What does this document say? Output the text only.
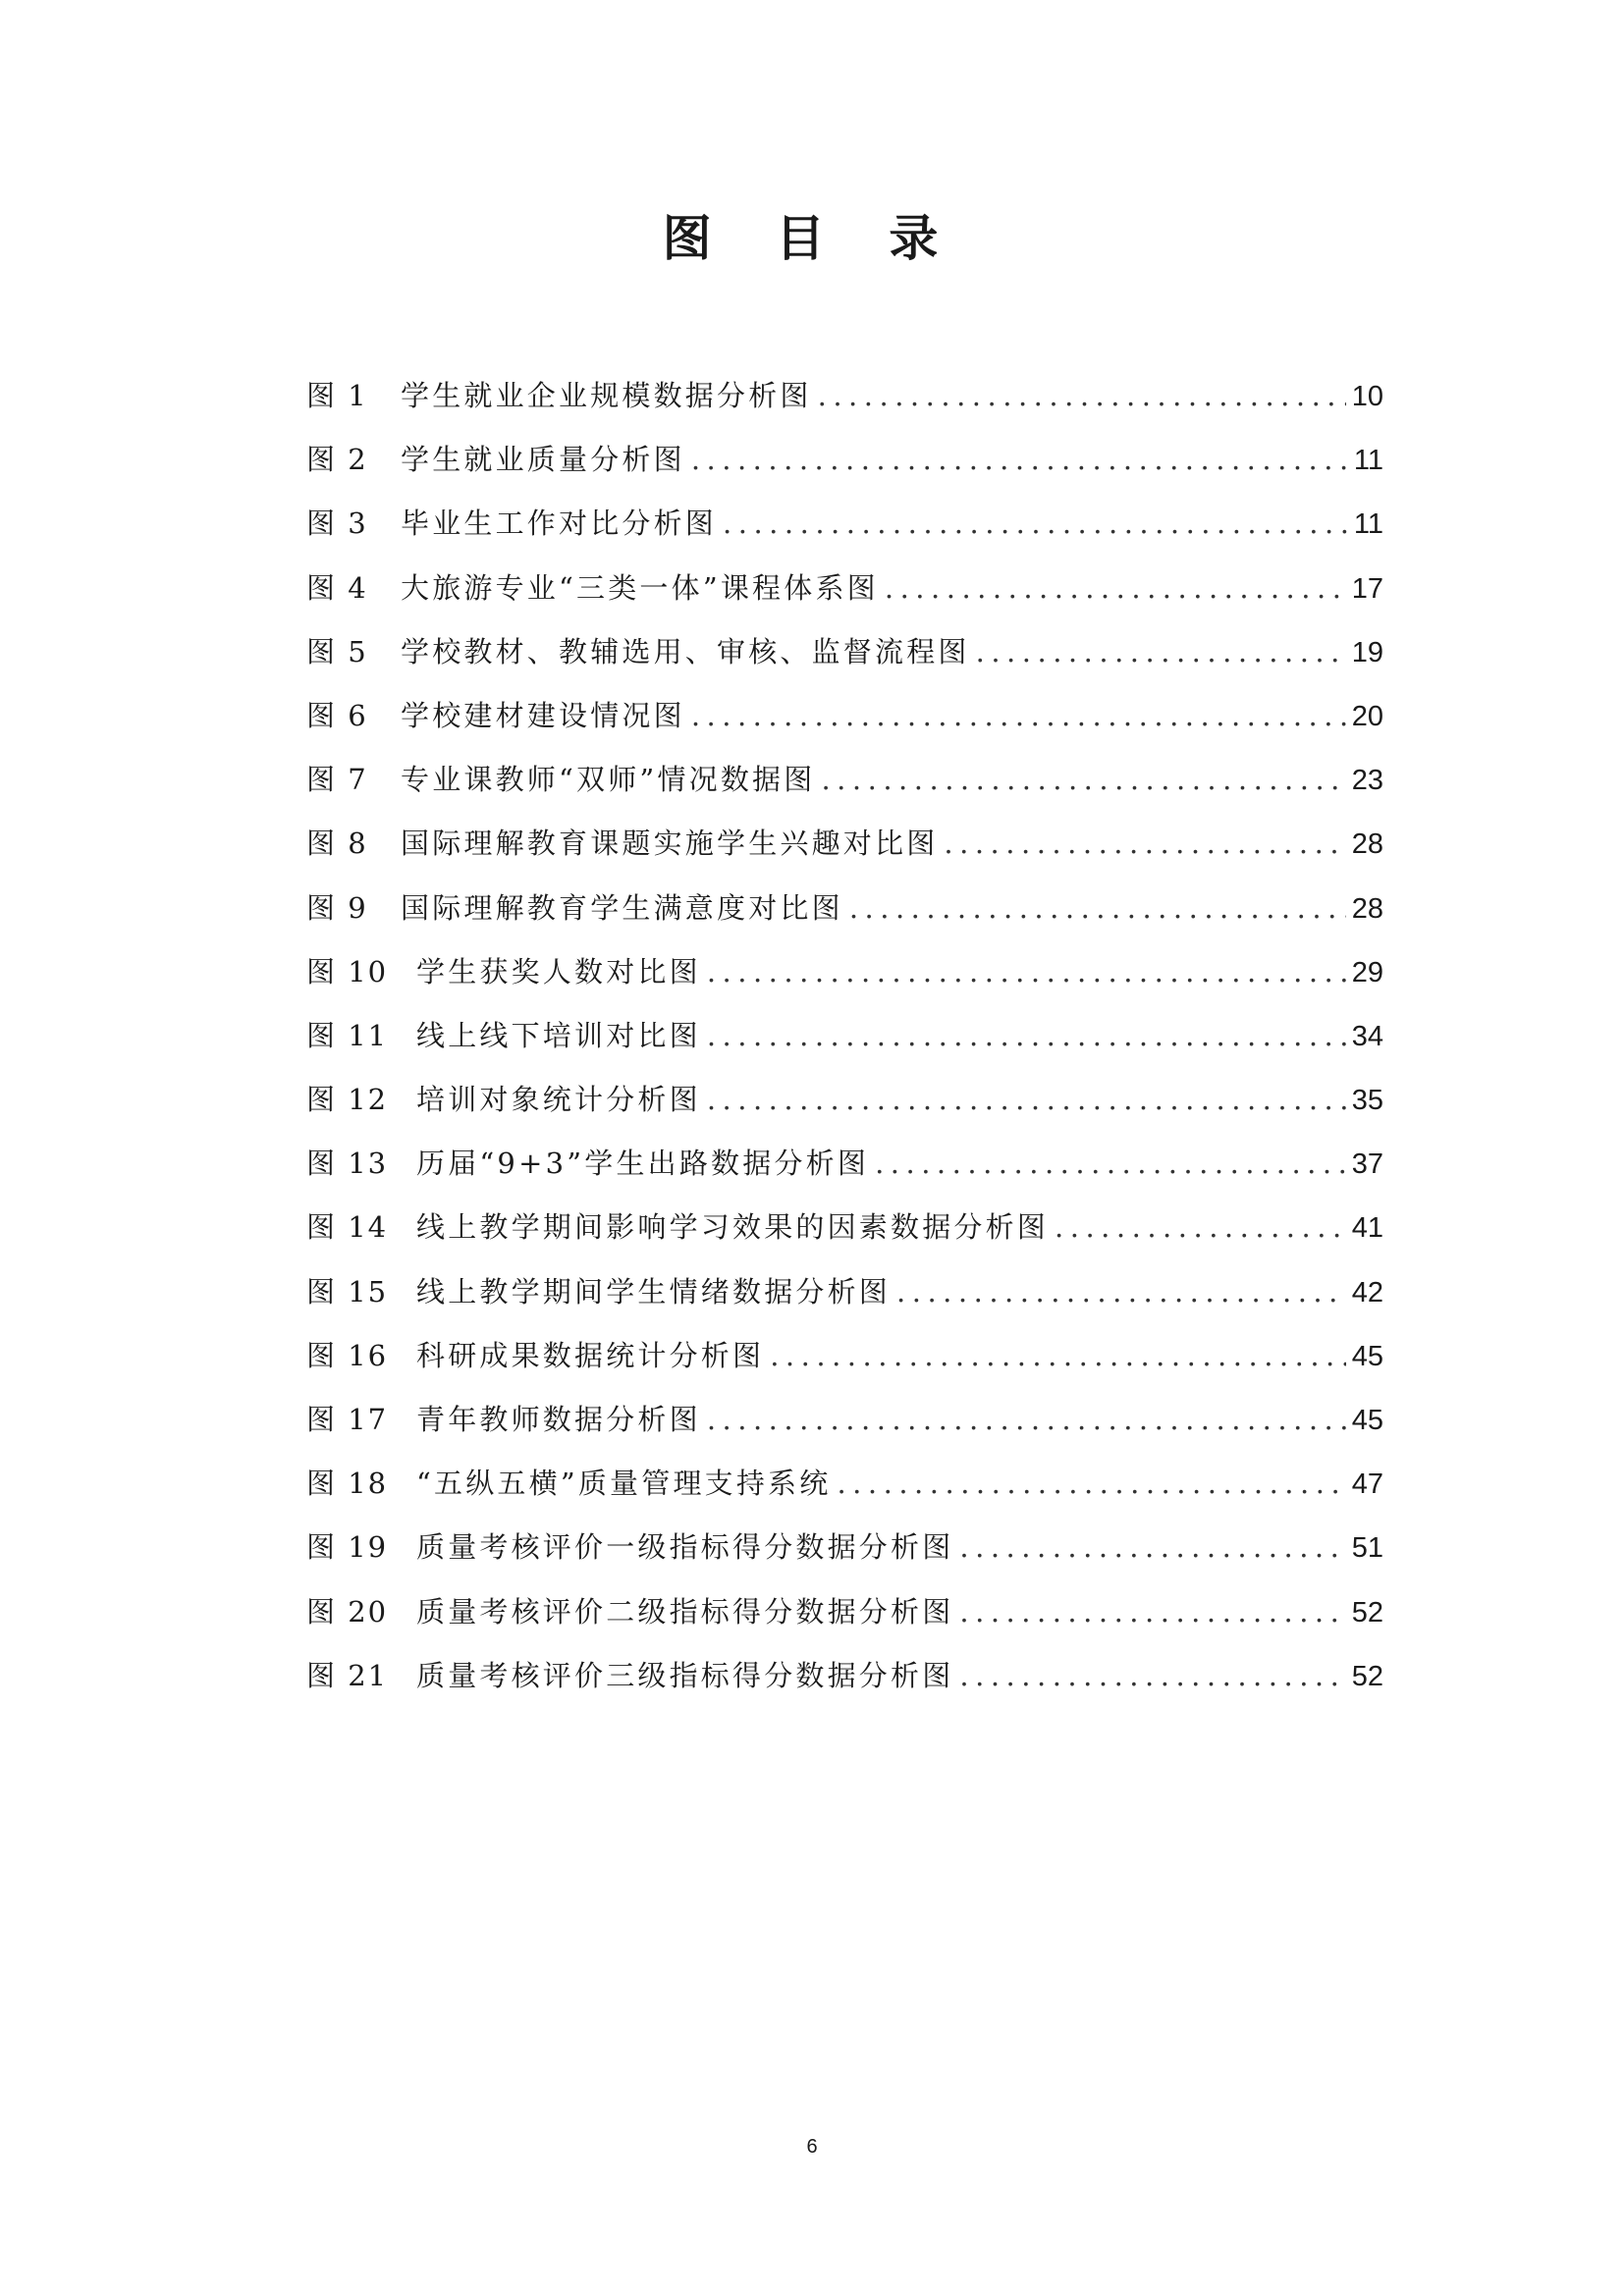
图 目 录
图 1	学生就业企业规模数据分析图 .....	10
图 2	学生就业质量分析图 .....	11
图 3	毕业生工作对比分析图 .....	11
图 4	大旅游专业“三类一体”课程体系图 .....	17
图 5	学校教材、教辅选用、审核、监督流程图 .....	19
图 6	学校建材建设情况图 .....	20
图 7	专业课教师“双师”情况数据图 .....	23
图 8	国际理解教育课题实施学生兴趣对比图 .....	28
图 9	国际理解教育学生满意度对比图 .....	28
图 10 学生获奖人数对比图 .....	29
图 11 线上线下培训对比图 .....	34
图 12 培训对象统计分析图 .....	35
图 13 历届“9+3”学生出路数据分析图 .....	37
图 14 线上教学期间影响学习效果的因素数据分析图 .....	41
图 15 线上教学期间学生情绪数据分析图 .....	42
图 16 科研成果数据统计分析图 .....	45
图 17 青年教师数据分析图 .....	45
图 18 “五纵五横”质量管理支持系统 .....	47
图 19 质量考核评价一级指标得分数据分析图 .....	51
图 20 质量考核评价二级指标得分数据分析图 .....	52
图 21 质量考核评价三级指标得分数据分析图 .....	52
6
